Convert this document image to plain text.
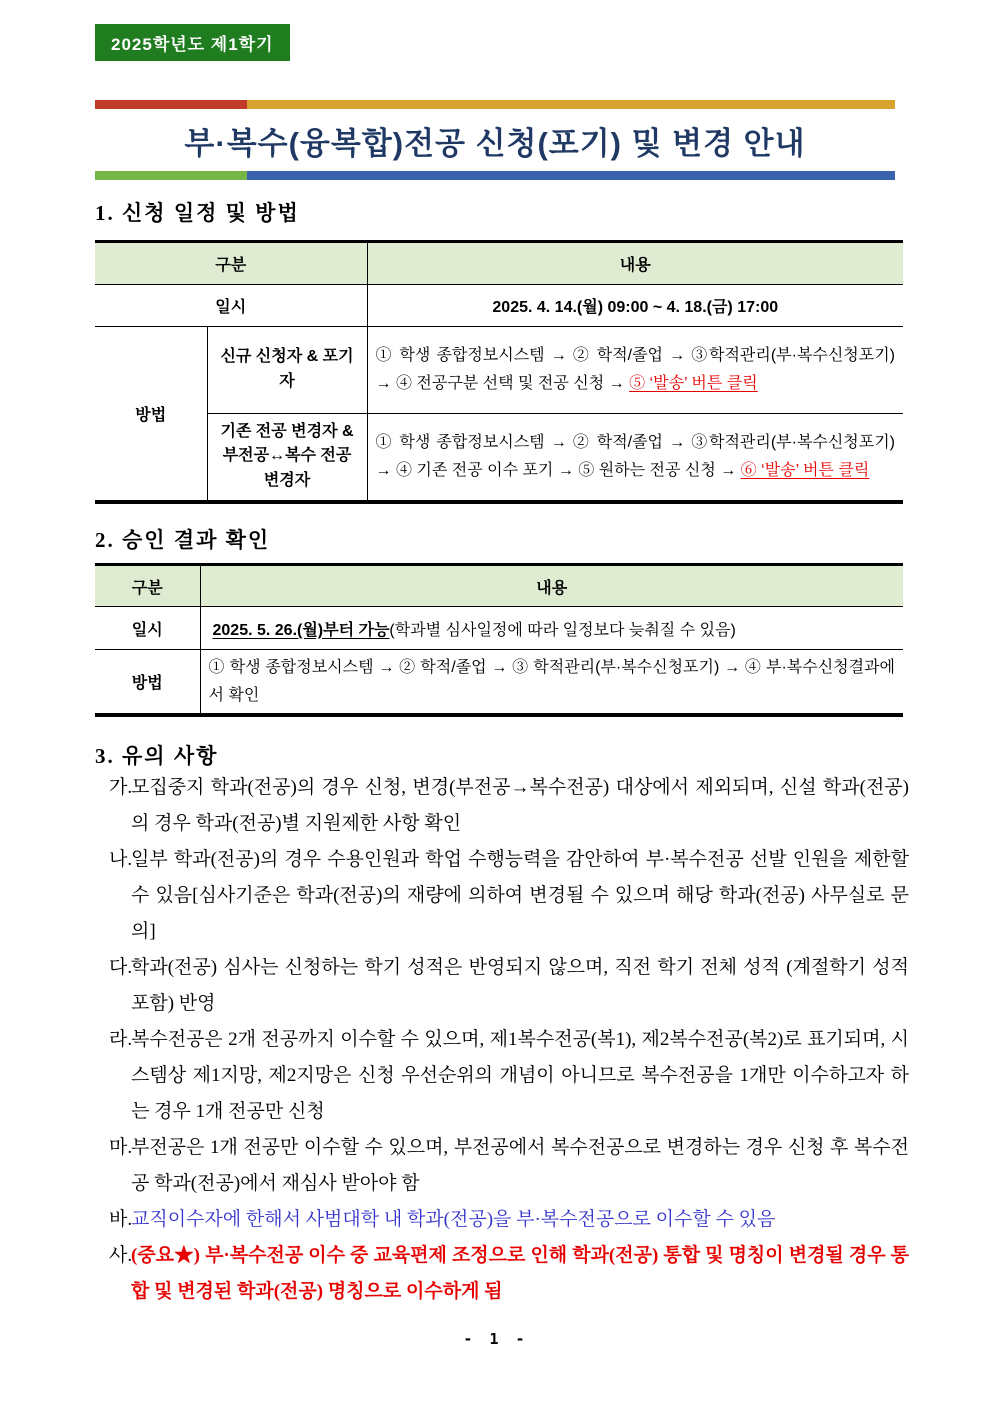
2025학년도 제1학기
부·복수(융복합)전공 신청(포기) 및 변경 안내
1. 신청 일정 및 방법
구분		내용
일시		2025. 4. 14.(월) 09:00 ~ 4. 18.(금) 17:00
방법	신규 신청자 & 포기자	① 학생 종합정보시스템 → ② 학적/졸업 → ③학적관리(부·복수신청포기) → ④ 전공구분 선택 및 전공 신청 → ⑤ ‘발송’ 버튼 클릭
	기존 전공 변경자 & 부전공↔복수 전공 변경자	① 학생 종합정보시스템 → ② 학적/졸업 → ③학적관리(부·복수신청포기) → ④ 기존 전공 이수 포기 → ⑤ 원하는 전공 신청 → ⑥ ‘발송’ 버튼 클릭
2. 승인 결과 확인
구분	내용
일시	2025. 5. 26.(월)부터 가능(학과별 심사일정에 따라 일정보다 늦춰질 수 있음)
방법	① 학생 종합정보시스템 → ② 학적/졸업 → ③ 학적관리(부·복수신청포기) → ④ 부·복수신청결과에서 확인
3. 유의 사항
가.
모집중지 학과(전공)의 경우 신청, 변경(부전공→복수전공) 대상에서 제외되며, 신설 학과(전공)의 경우 학과(전공)별 지원제한 사항 확인
나.
일부 학과(전공)의 경우 수용인원과 학업 수행능력을 감안하여 부·복수전공 선발 인원을 제한할 수 있음[심사기준은 학과(전공)의 재량에 의하여 변경될 수 있으며 해당 학과(전공) 사무실로 문의]
다.
학과(전공) 심사는 신청하는 학기 성적은 반영되지 않으며, 직전 학기 전체 성적 (계절학기 성적 포함) 반영
라.
복수전공은 2개 전공까지 이수할 수 있으며, 제1복수전공(복1), 제2복수전공(복2)로 표기되며, 시스템상 제1지망, 제2지망은 신청 우선순위의 개념이 아니므로 복수전공을 1개만 이수하고자 하는 경우 1개 전공만 신청
마.
부전공은 1개 전공만 이수할 수 있으며, 부전공에서 복수전공으로 변경하는 경우 신청 후 복수전공 학과(전공)에서 재심사 받아야 함
바.
교직이수자에 한해서 사범대학 내 학과(전공)을 부·복수전공으로 이수할 수 있음
사.
(중요★) 부·복수전공 이수 중 교육편제 조정으로 인해 학과(전공) 통합 및 명칭이 변경될 경우 통합 및 변경된 학과(전공) 명칭으로 이수하게 됨
- 1 -
